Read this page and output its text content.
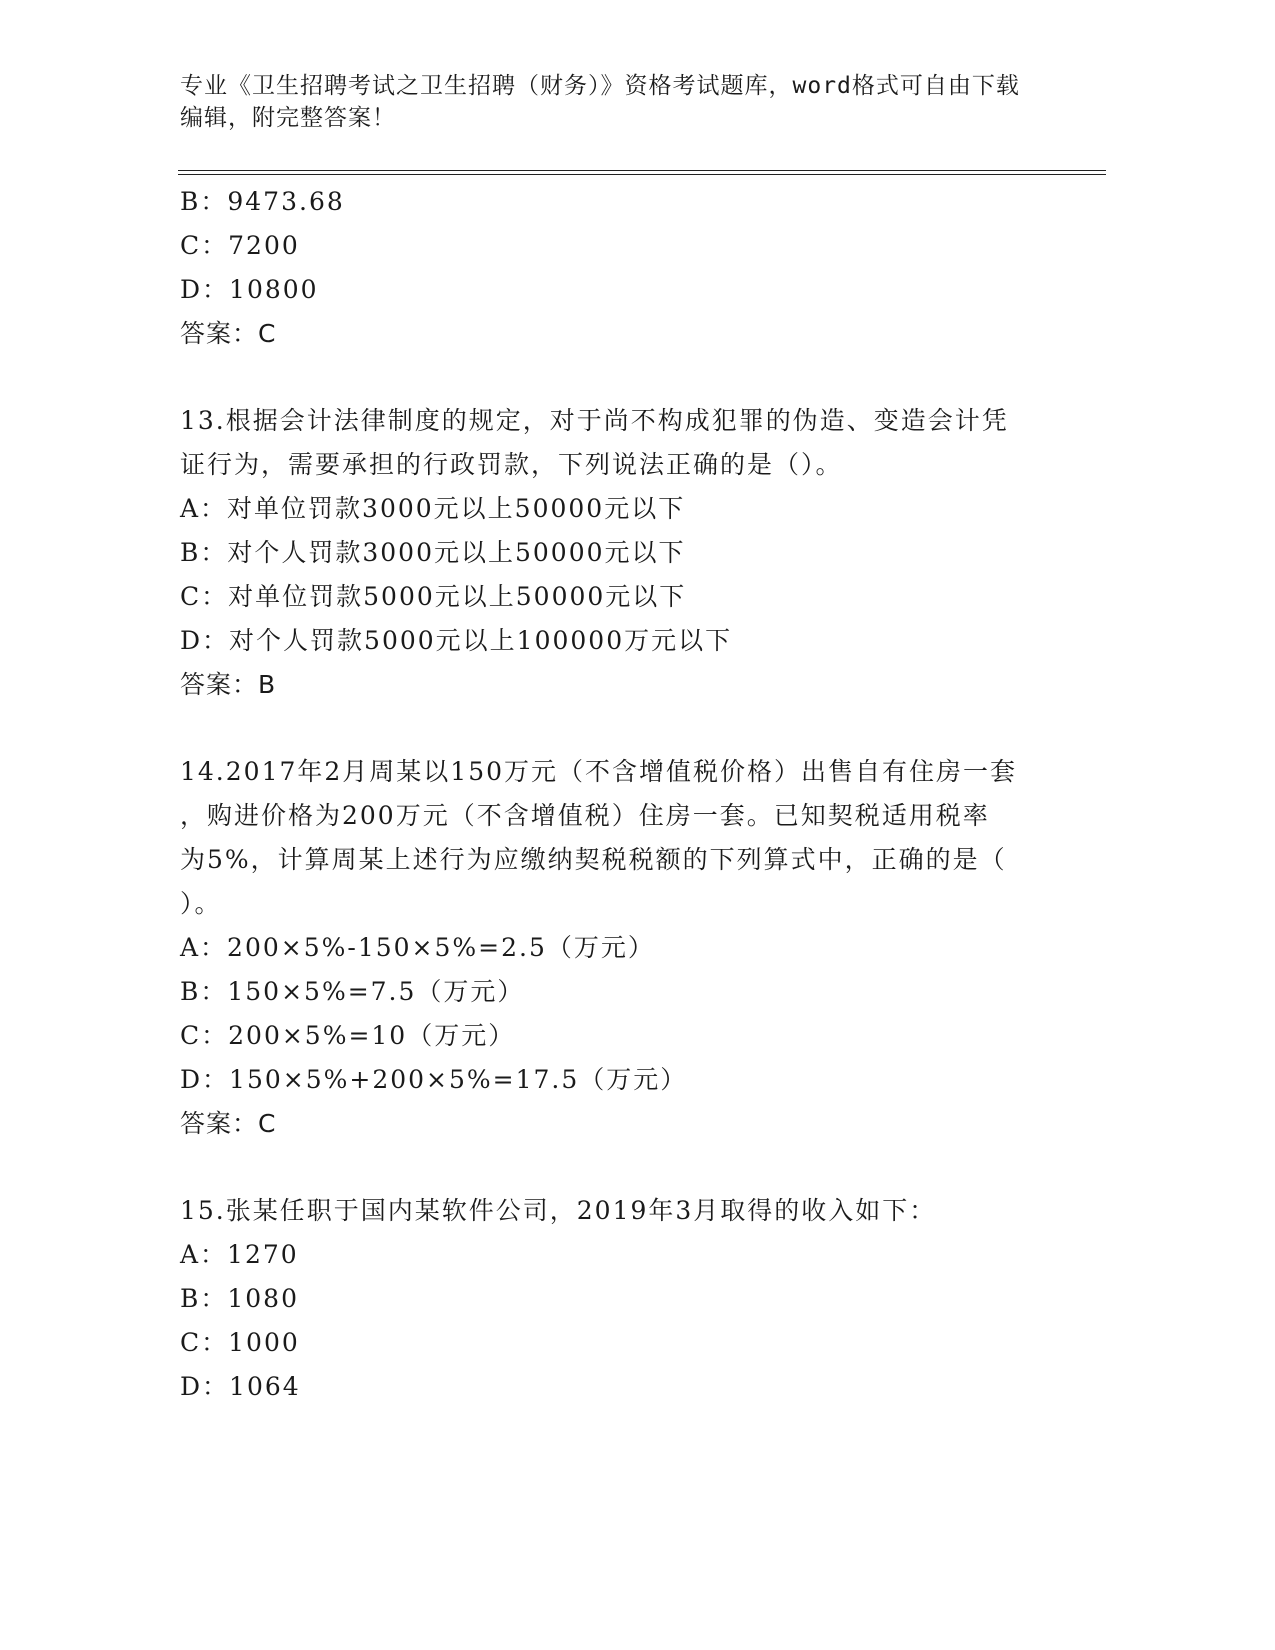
专业《卫生招聘考试之卫生招聘（财务）》资格考试题库，word格式可自由下载
编辑，附完整答案！
B：9473.68
C：7200
D：10800
答案：C
13.根据会计法律制度的规定，对于尚不构成犯罪的伪造、变造会计凭
证行为，需要承担的行政罚款，下列说法正确的是（）。
A：对单位罚款3000元以上50000元以下
B：对个人罚款3000元以上50000元以下
C：对单位罚款5000元以上50000元以下
D：对个人罚款5000元以上100000万元以下
答案：B
14.2017年2月周某以150万元（不含增值税价格）出售自有住房一套
，购进价格为200万元（不含增值税）住房一套。已知契税适用税率
为5%，计算周某上述行为应缴纳契税税额的下列算式中，正确的是（
）。
A：200×5%-150×5%=2.5（万元）
B：150×5%=7.5（万元）
C：200×5%=10（万元）
D：150×5%+200×5%=17.5（万元）
答案：C
15.张某任职于国内某软件公司，2019年3月取得的收入如下：
A：1270
B：1080
C：1000
D：1064
